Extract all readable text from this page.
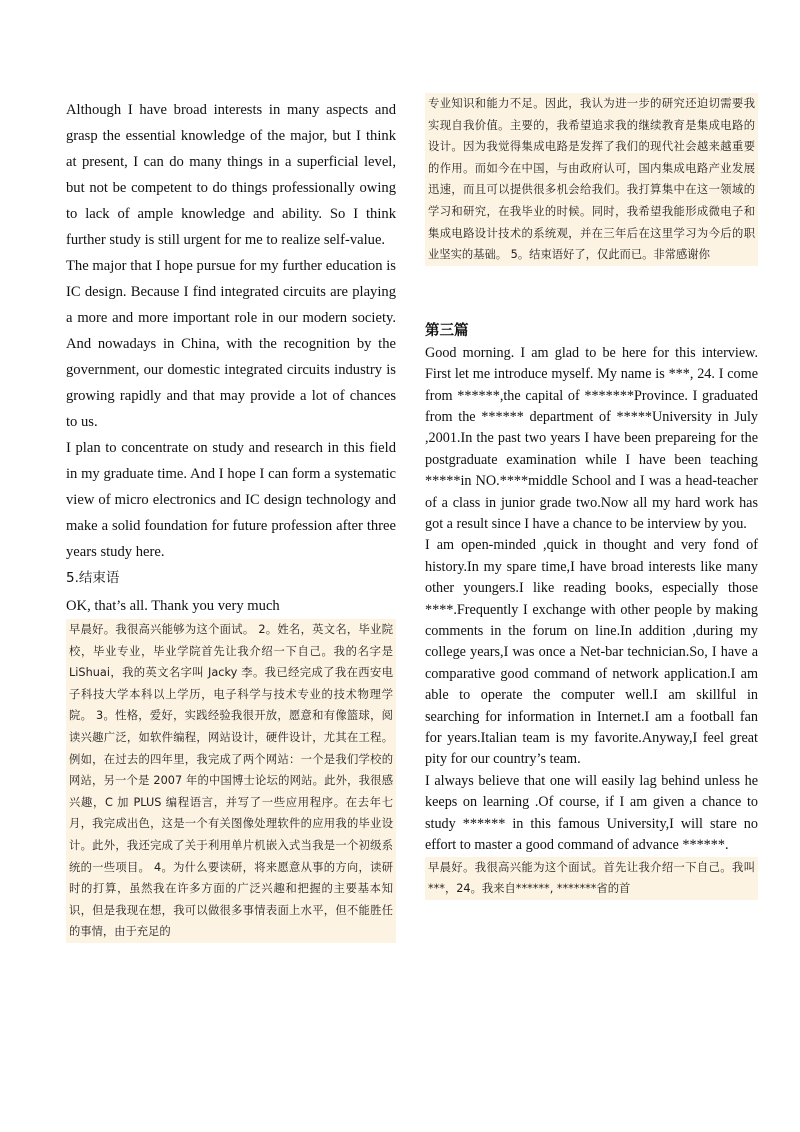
Although I have broad interests in many aspects and grasp the essential knowledge of the major, but I think at present, I can do many things in a superficial level, but not be competent to do things professionally owing to lack of ample knowledge and ability. So I think further study is still urgent for me to realize self-value.

The major that I hope pursue for my further education is IC design. Because I find integrated circuits are playing a more and more important role in our modern society. And nowadays in China, with the recognition by the government, our domestic integrated circuits industry is growing rapidly and that may provide a lot of chances to us.

I plan to concentrate on study and research in this field in my graduate time. And I hope I can form a systematic view of micro electronics and IC design technology and make a solid foundation for future profession after three years study here.

5.结束语

OK, that’s all. Thank you very much

早晨好。我很高兴能够为这个面试。 2。姓名，英文名，毕业院校，毕业专业，毕业学院首先让我介绍一下自己。我的名字是 LiShuai，我的英文名字叫 Jacky 李。我已经完成了我在西安电子科技大学本科以上学历，电子科学与技术专业的技术物理学院。 3。性格，爱好，实践经验我很开放，愿意和有像篮球，阅读兴趣广泛，如软件编程，网站设计，硬件设计，尤其在工程。例如，在过去的四年里，我完成了两个网站：一个是我们学校的网站，另一个是 2007 年的中国博士论坛的网站。此外，我很感兴趣，C 加 PLUS 编程语言，并写了一些应用程序。在去年七月，我完成出色，这是一个有关图像处理软件的应用我的毕业设计。此外，我还完成了关于利用单片机嵌入式当我是一个初级系统的一些项目。 4。为什么要读研，将来愿意从事的方向，读研时的打算，虽然我在许多方面的广泛兴趣和把握的主要基本知识，但是我现在想，我可以做很多事情表面上水平，但不能胜任的事情，由于充足的

专业知识和能力不足。因此，我认为进一步的研究还迫切需要我实现自我价值。主要的，我希望追求我的继续教育是集成电路的设计。因为我觉得集成电路是发挥了我们的现代社会越来越重要的作用。而如今在中国，与由政府认可，国内集成电路产业发展迅速，而且可以提供很多机会给我们。我打算集中在这一领域的学习和研究，在我毕业的时候。同时，我希望我能形成微电子和集成电路设计技术的系统观，并在三年后在这里学习为今后的职业坚实的基础。 5。结束语好了，仅此而已。非常感谢你

第三篇

Good morning. I am glad to be here for this interview. First let me introduce myself. My name is ***, 24. I come from ******,the capital of *******Province. I graduated from the ****** department of *****University in July ,2001.In the past two years I have been prepareing for the postgraduate examination while I have been teaching *****in NO.****middle School and I was a head-teacher of a class in junior grade two.Now all my hard work has got a result since I have a chance to be interview by you.

I am open-minded ,quick in thought and very fond of history.In my spare time,I have broad interests like many other youngers.I like reading books, especially those ****.Frequently I exchange with other people by making comments in the forum on line.In addition ,during my college years,I was once a Net-bar technician.So, I have a comparative good command of network application.I am able to operate the computer well.I am skillful in searching for information in Internet.I am a football fan for years.Italian team is my favorite.Anyway,I feel great pity for our country’s team.

I always believe that one will easily lag behind unless he keeps on learning .Of course, if I am given a chance to study ****** in this famous University,I will stare no effort to master a good command of advance ******.

早晨好。我很高兴能为这个面试。首先让我介绍一下自己。我叫***，24。我来自******, *******省的首
